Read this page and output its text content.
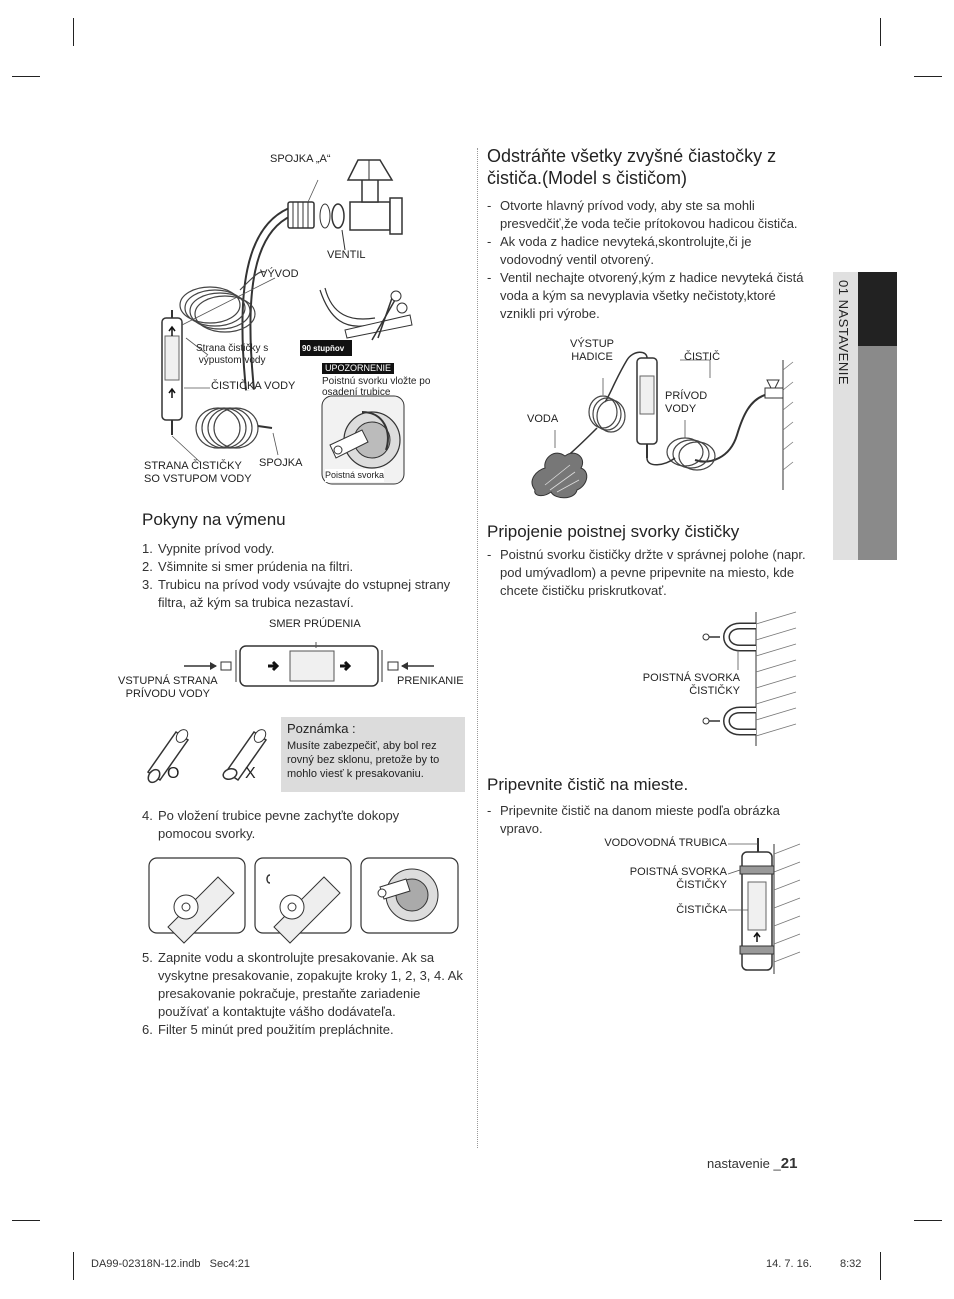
01 NASTAVENIE
SPOJKA „A“
VENTIL
VÝVOD
Strana čističky s
výpustom vody
ČISTIČKA VODY
STRANA ČISTIČKY
SO VSTUPOM VODY
SPOJKA
90 stupňov
UPOZORNENIE
Poistnú svorku vložte po
osadení trubice
Poistná svorka
Pokyny na výmenu
1. Vypnite prívod vody.
2. Všimnite si smer prúdenia na filtri.
3. Trubicu na prívod vody vsúvajte do vstupnej strany filtra, až kým sa trubica nezastaví.
SMER PRÚDENIA
VSTUPNÁ STRANA
PRÍVODU VODY
PRENIKANIE
O	X
Poznámka :
Musíte zabezpečiť, aby bol rez rovný bez sklonu, pretože by to mohlo viesť k presakovaniu.
4. Po vložení trubice pevne zachyťte dokopy pomocou svorky.
5. Zapnite vodu a skontrolujte presakovanie. Ak sa vyskytne presakovanie, zopakujte kroky 1, 2, 3, 4. Ak presakovanie pokračuje, prestaňte zariadenie používať a kontaktujte vášho dodávateľa.
6. Filter 5 minút pred použitím prepláchnite.
Odstráňte všetky zvyšné čiastočky z čističa.(Model s čističom)
- Otvorte hlavný prívod vody, aby ste sa mohli presvedčiť,že voda tečie prítokovou hadicou čističa.
- Ak voda z hadice nevyteká,skontrolujte,či je vodovodný ventil otvorený.
- Ventil nechajte otvorený,kým z hadice nevyteká čistá voda a kým sa nevyplavia všetky nečistoty,ktoré vznikli pri výrobe.
VÝSTUP
HADICE	ČISTIČ
VODA
PRÍVOD
VODY
Pripojenie poistnej svorky čističky
- Poistnú svorku čističky držte v správnej polohe (napr. pod umývadlom) a pevne pripevnite na miesto, kde chcete čističku priskrutkovať.
POISTNÁ SVORKA
ČISTIČKY
Pripevnite čistič na mieste.
- Pripevnite čistič na danom mieste podľa obrázka vpravo.
VODOVODNÁ TRUBICA
POISTNÁ SVORKA
ČISTIČKY
ČISTIČKA
nastavenie _21
DA99-02318N-12.indb   Sec4:21	14. 7. 16.	8:32
